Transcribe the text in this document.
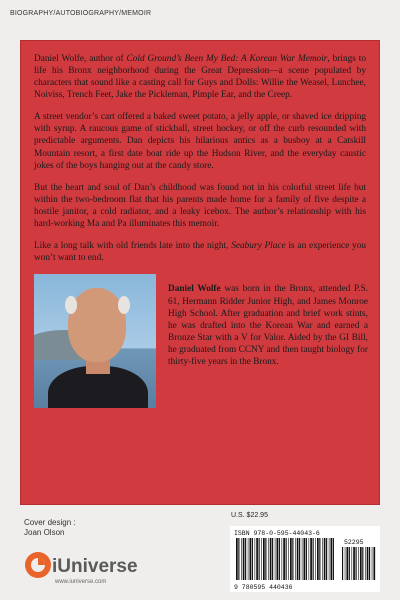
BIOGRAPHY/AUTOBIOGRAPHY/MEMOIR

Daniel Wolfe, author of Cold Ground’s Been My Bed: A Korean War Memoir, brings to life his Bronx neighborhood during the Great Depression—a scene populated by characters that sound like a casting call for Guys and Dolls: Willie the Weasel, Lunchee, Noiviss, Trench Feet, Jake the Pickleman, Pimple Ear, and the Creep.

A street vendor’s cart offered a baked sweet potato, a jelly apple, or shaved ice dripping with syrup. A raucous game of stickball, street hockey, or off the curb resounded with predictable arguments. Dan depicts his hilarious antics as a busboy at a Catskill Mountain resort, a first date boat ride up the Hudson River, and the everyday caustic jokes of the boys hanging out at the candy store.

But the heart and soul of Dan’s childhood was found not in his colorful street life but within the two-bedroom flat that his parents made home for a family of five despite a hostile janitor, a cold radiator, and a leaky icebox. The author’s relationship with his hard-working Ma and Pa illuminates this memoir.

Like a long talk with old friends late into the night, Seabury Place is an experience you won’t want to end.

Daniel Wolfe was born in the Bronx, attended P.S. 61, Hermann Ridder Junior High, and James Monroe High School. After graduation and brief work stints, he was drafted into the Korean War and earned a Bronze Star with a V for Valor. Aided by the GI Bill, he graduated from CCNY and then taught biology for thirty-five years in the Bronx.

Cover design :
Joan Olson
iUniverse
www.iuniverse.com
U.S. $22.95
ISBN 978-0-595-44043-6
52295
9 780595 440436
